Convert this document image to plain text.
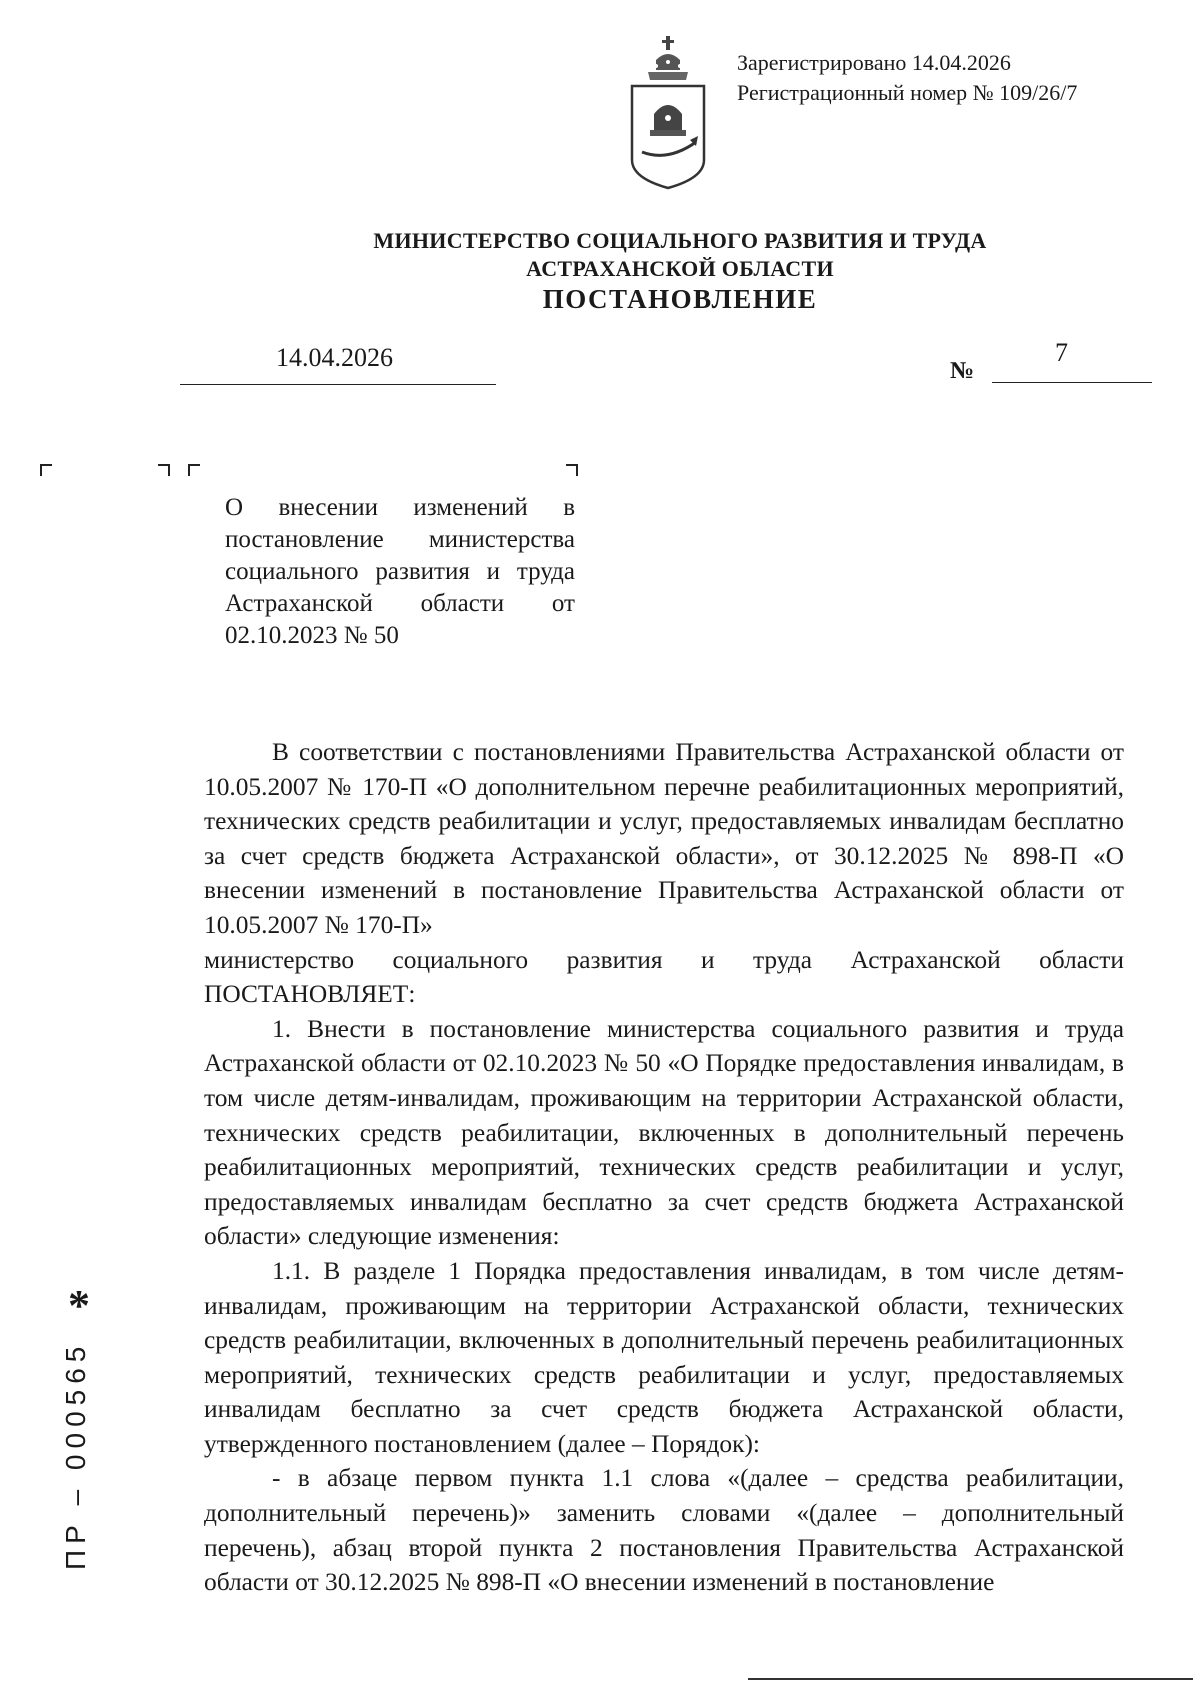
Зарегистрировано 14.04.2026
Регистрационный номер № 109/26/7
МИНИСТЕРСТВО СОЦИАЛЬНОГО РАЗВИТИЯ И ТРУДА
АСТРАХАНСКОЙ ОБЛАСТИ
ПОСТАНОВЛЕНИЕ
14.04.2026	№
7
О внесении изменений в постановление министерства социального развития и труда Астраханской области от 02.10.2023 № 50

В соответствии с постановлениями Правительства Астраханской области от 10.05.2007 № 170-П «О дополнительном перечне реабилитационных мероприятий, технических средств реабилитации и услуг, предоставляемых инвалидам бесплатно за счет средств бюджета Астраханской области», от 30.12.2025 № 898-П «О внесении изменений в постановление Правительства Астраханской области от 10.05.2007 № 170-П»

министерство социального развития и труда Астраханской области

ПОСТАНОВЛЯЕТ:

1. Внести в постановление министерства социального развития и труда Астраханской области от 02.10.2023 № 50 «О Порядке предоставления инвалидам, в том числе детям-инвалидам, проживающим на территории Астраханской области, технических средств реабилитации, включенных в дополнительный перечень реабилитационных мероприятий, технических средств реабилитации и услуг, предоставляемых инвалидам бесплатно за счет средств бюджета Астраханской области» следующие изменения:

1.1. В разделе 1 Порядка предоставления инвалидам, в том числе детям-инвалидам, проживающим на территории Астраханской области, технических средств реабилитации, включенных в дополнительный перечень реабилитационных мероприятий, технических средств реабилитации и услуг, предоставляемых инвалидам бесплатно за счет средств бюджета Астраханской области, утвержденного постановлением (далее – Порядок):

- в абзаце первом пункта 1.1 слова «(далее – средства реабилитации, дополнительный перечень)» заменить словами «(далее – дополнительный перечень), абзац второй пункта 2 постановления Правительства Астраханской области от 30.12.2025 № 898-П «О внесении изменений в постановление

*
ПР – 000565
